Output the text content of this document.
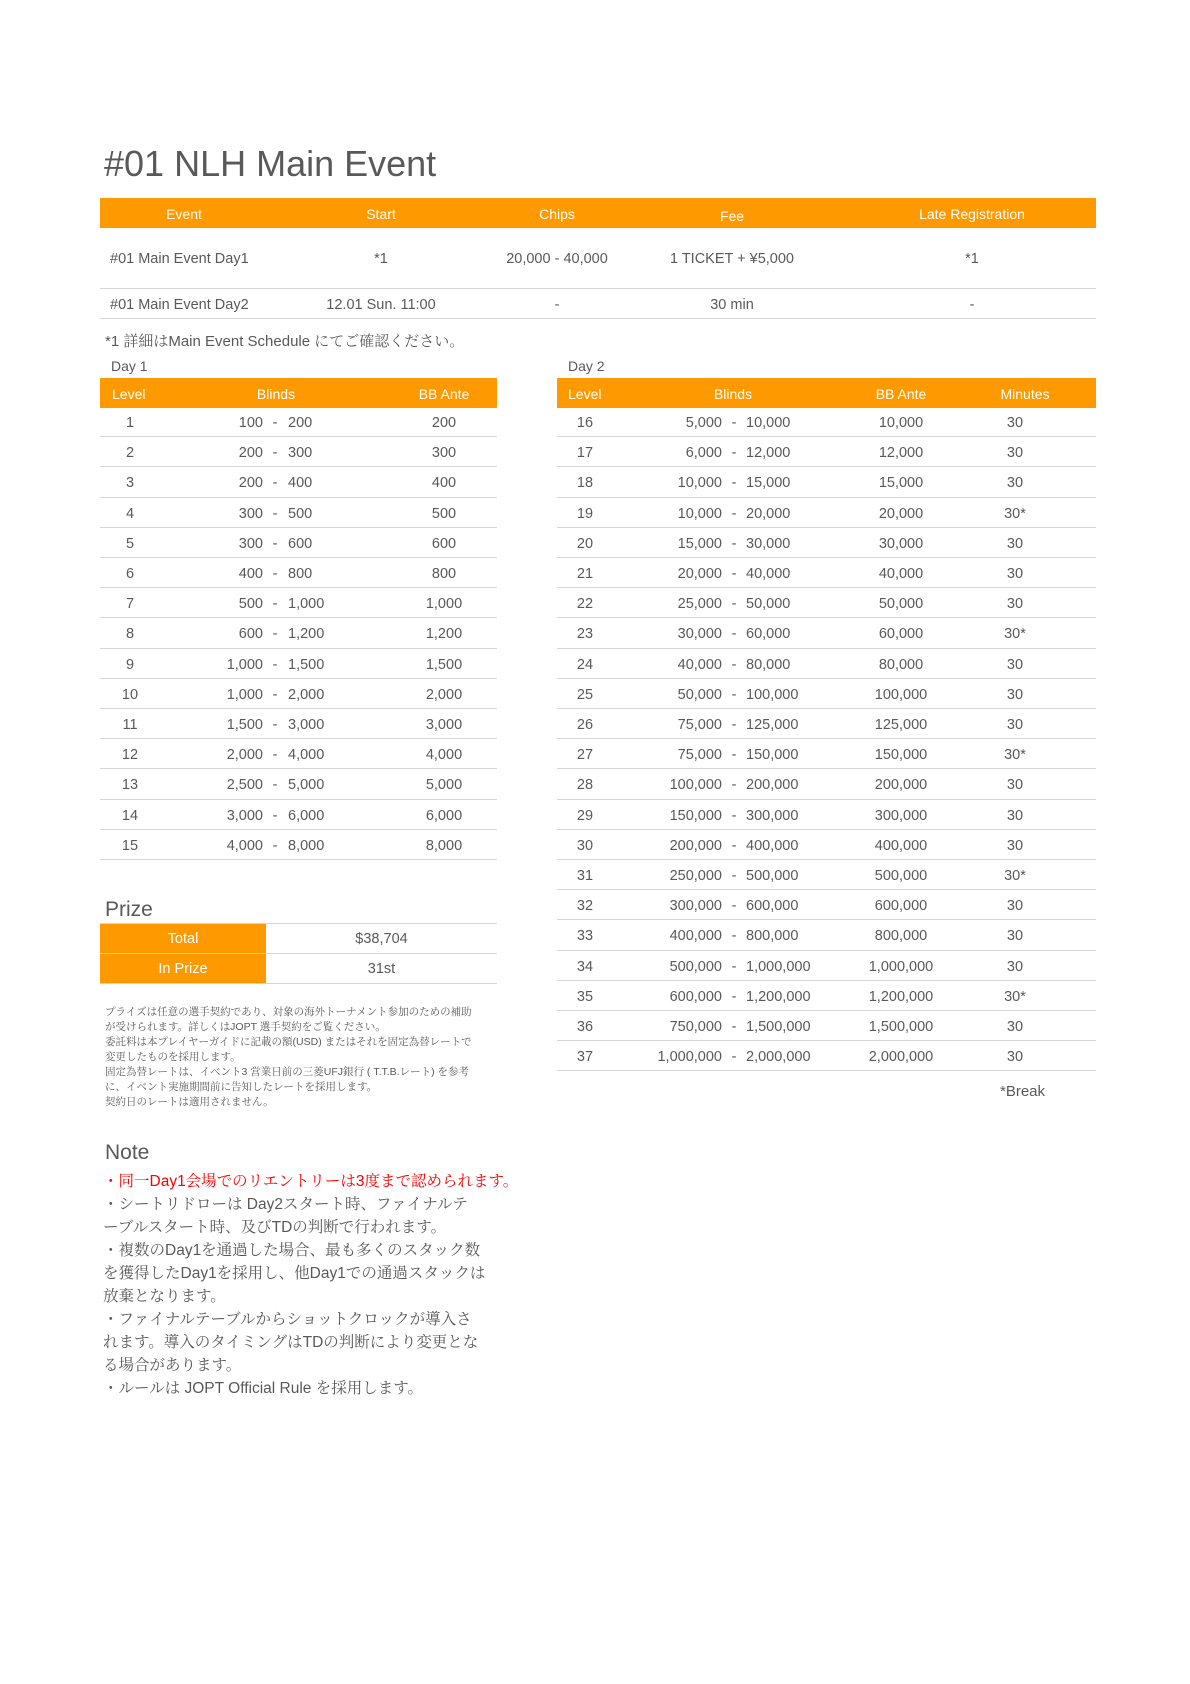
#01 NLH Main Event
Event	Start	Chips	Fee	Late Registration
#01 Main Event Day1	*1	20,000 - 40,000	1 TICKET + ¥5,000	*1
#01 Main Event Day2	12.01 Sun. 11:00	-	30 min	-
*1 詳細はMain Event Schedule にてご確認ください。
Day 1
Level	Blinds	BB Ante
1	100 - 200	200
2	200 - 300	300
3	200 - 400	400
4	300 - 500	500
5	300 - 600	600
6	400 - 800	800
7	500 - 1,000	1,000
8	600 - 1,200	1,200
9	1,000 - 1,500	1,500
10	1,000 - 2,000	2,000
11	1,500 - 3,000	3,000
12	2,000 - 4,000	4,000
13	2,500 - 5,000	5,000
14	3,000 - 6,000	6,000
15	4,000 - 8,000	8,000
Day 2
Level	Blinds	BB Ante	Minutes
16	5,000 - 10,000	10,000	30
17	6,000 - 12,000	12,000	30
18	10,000 - 15,000	15,000	30
19	10,000 - 20,000	20,000	30*
20	15,000 - 30,000	30,000	30
21	20,000 - 40,000	40,000	30
22	25,000 - 50,000	50,000	30
23	30,000 - 60,000	60,000	30*
24	40,000 - 80,000	80,000	30
25	50,000 - 100,000	100,000	30
26	75,000 - 125,000	125,000	30
27	75,000 - 150,000	150,000	30*
28	100,000 - 200,000	200,000	30
29	150,000 - 300,000	300,000	30
30	200,000 - 400,000	400,000	30
31	250,000 - 500,000	500,000	30*
32	300,000 - 600,000	600,000	30
33	400,000 - 800,000	800,000	30
34	500,000 - 1,000,000	1,000,000	30
35	600,000 - 1,200,000	1,200,000	30*
36	750,000 - 1,500,000	1,500,000	30
37	1,000,000 - 2,000,000	2,000,000	30
*Break
Prize
Total	$38,704
In Prize	31st
プライズは任意の選手契約であり、対象の海外トーナメント参加のための補助
が受けられます。詳しくはJOPT 選手契約をご覧ください。
委託料は本プレイヤーガイドに記載の額(USD) またはそれを固定為替レートで
変更したものを採用します。
固定為替レートは、イベント3 営業日前の三菱UFJ銀行 ( T.T.B.レート) を参考
に、イベント実施期間前に告知したレートを採用します。
契約日のレートは適用されません。
Note
・同一Day1会場でのリエントリーは3度まで認められます。
・シートリドローは Day2スタート時、ファイナルテ
ーブルスタート時、及びTDの判断で行われます。
・複数のDay1を通過した場合、最も多くのスタック数
を獲得したDay1を採用し、他Day1での通過スタックは
放棄となります。
・ファイナルテーブルからショットクロックが導入さ
れます。導入のタイミングはTDの判断により変更とな
る場合があります。
・ルールは JOPT Official Rule を採用します。
